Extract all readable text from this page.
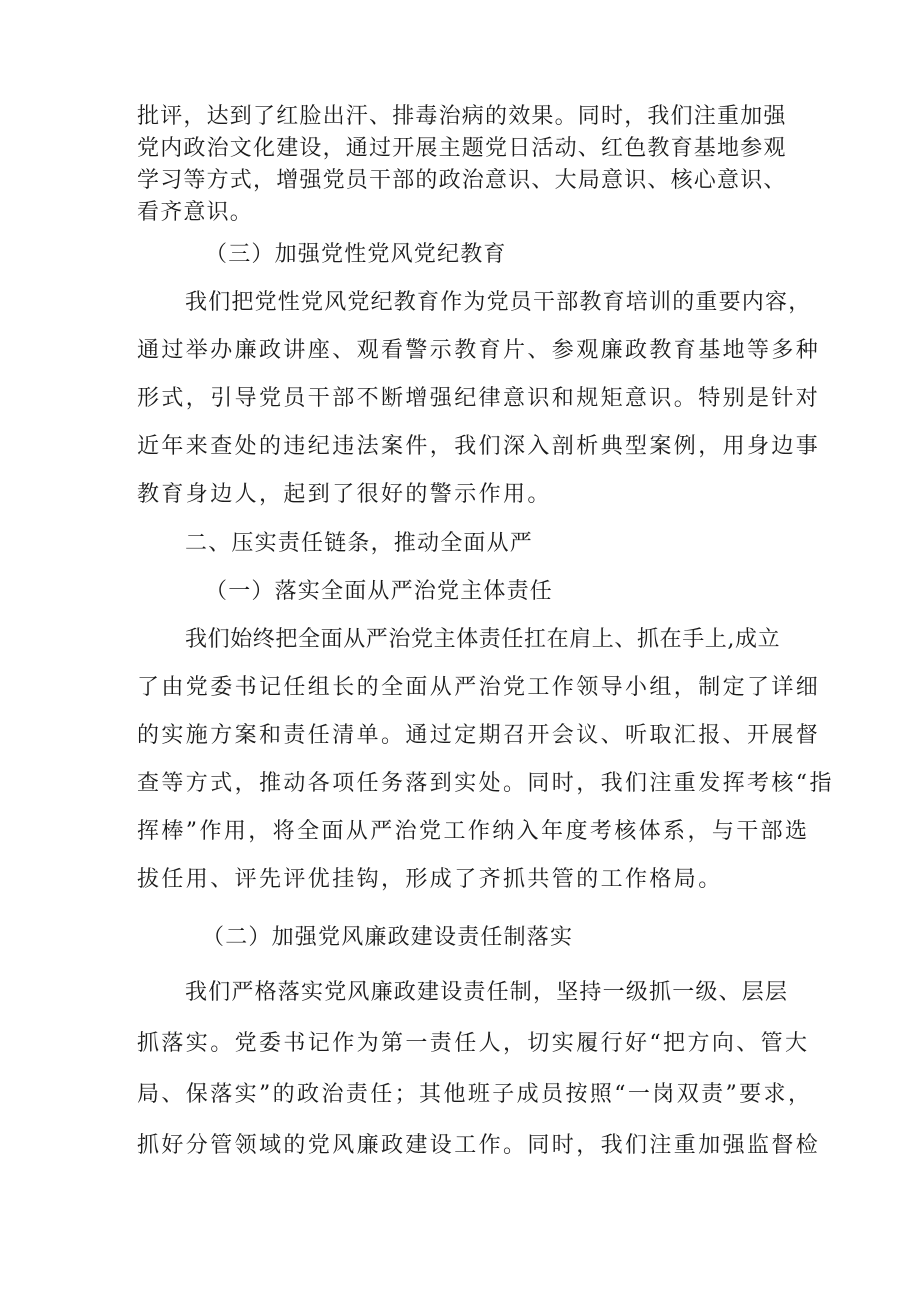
批评，达到了红脸出汗、排毒治病的效果。同时，我们注重加强
党内政治文化建设，通过开展主题党日活动、红色教育基地参观
学习等方式，增强党员干部的政治意识、大局意识、核心意识、
看齐意识。
（三）加强党性党风党纪教育
我们把党性党风党纪教育作为党员干部教育培训的重要内容，
通过举办廉政讲座、观看警示教育片、参观廉政教育基地等多种
形式，引导党员干部不断增强纪律意识和规矩意识。特别是针对
近年来查处的违纪违法案件，我们深入剖析典型案例，用身边事
教育身边人，起到了很好的警示作用。
二、压实责任链条，推动全面从严
（一）落实全面从严治党主体责任
我们始终把全面从严治党主体责任扛在肩上、抓在手上,成立
了由党委书记任组长的全面从严治党工作领导小组，制定了详细
的实施方案和责任清单。通过定期召开会议、听取汇报、开展督
查等方式，推动各项任务落到实处。同时，我们注重发挥考核“指
挥棒”作用，将全面从严治党工作纳入年度考核体系，与干部选
拔任用、评先评优挂钩，形成了齐抓共管的工作格局。
（二）加强党风廉政建设责任制落实
我们严格落实党风廉政建设责任制，坚持一级抓一级、层层
抓落实。党委书记作为第一责任人，切实履行好“把方向、管大
局、保落实”的政治责任；其他班子成员按照“一岗双责”要求，
抓好分管领域的党风廉政建设工作。同时，我们注重加强监督检
